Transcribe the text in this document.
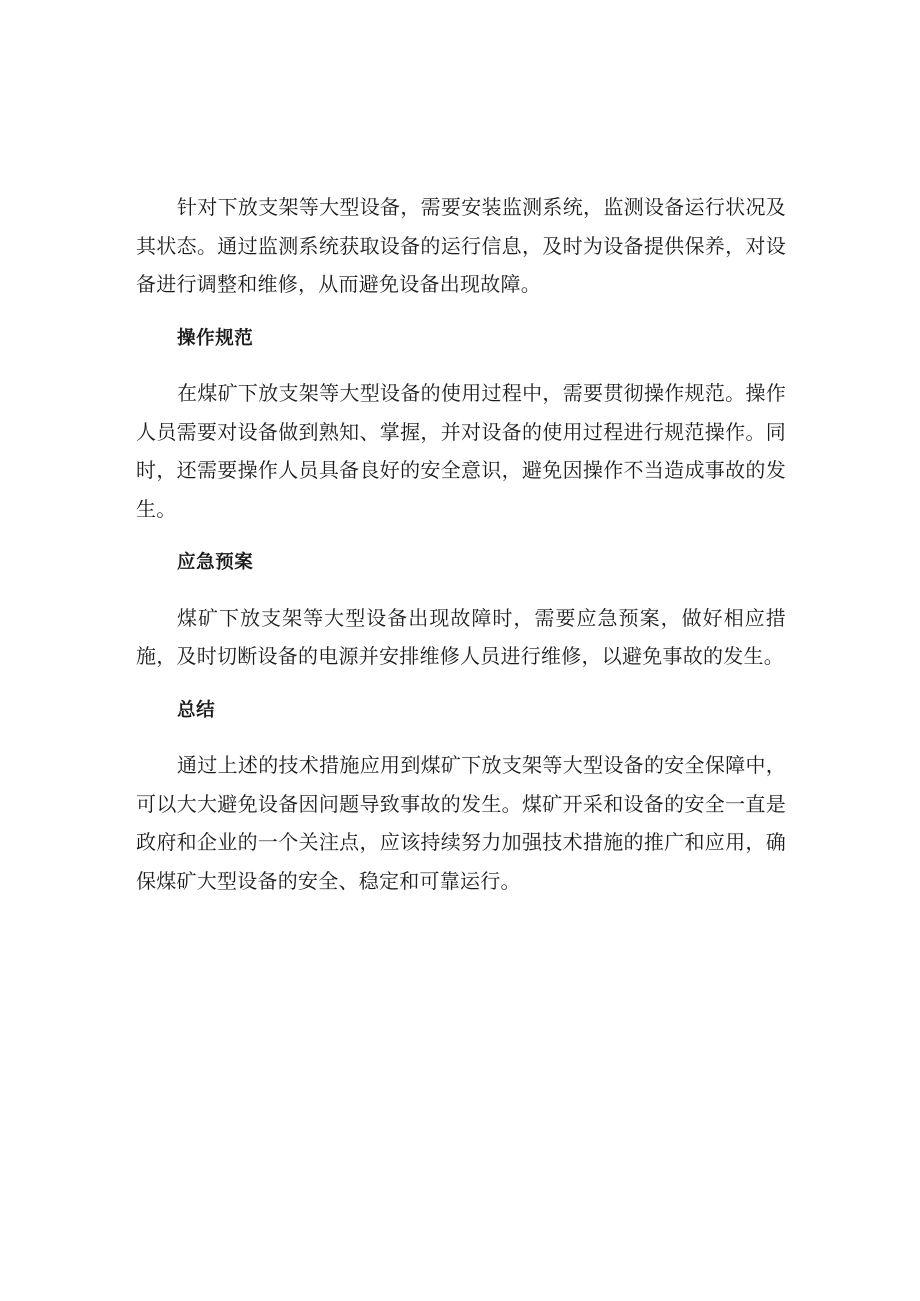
针对下放支架等大型设备，需要安装监测系统，监测设备运行状况及其状态。通过监测系统获取设备的运行信息，及时为设备提供保养，对设备进行调整和维修，从而避免设备出现故障。

操作规范

在煤矿下放支架等大型设备的使用过程中，需要贯彻操作规范。操作人员需要对设备做到熟知、掌握，并对设备的使用过程进行规范操作。同时，还需要操作人员具备良好的安全意识，避免因操作不当造成事故的发生。

应急预案

煤矿下放支架等大型设备出现故障时，需要应急预案，做好相应措施，及时切断设备的电源并安排维修人员进行维修，以避免事故的发生。

总结

通过上述的技术措施应用到煤矿下放支架等大型设备的安全保障中，可以大大避免设备因问题导致事故的发生。煤矿开采和设备的安全一直是政府和企业的一个关注点，应该持续努力加强技术措施的推广和应用，确保煤矿大型设备的安全、稳定和可靠运行。
